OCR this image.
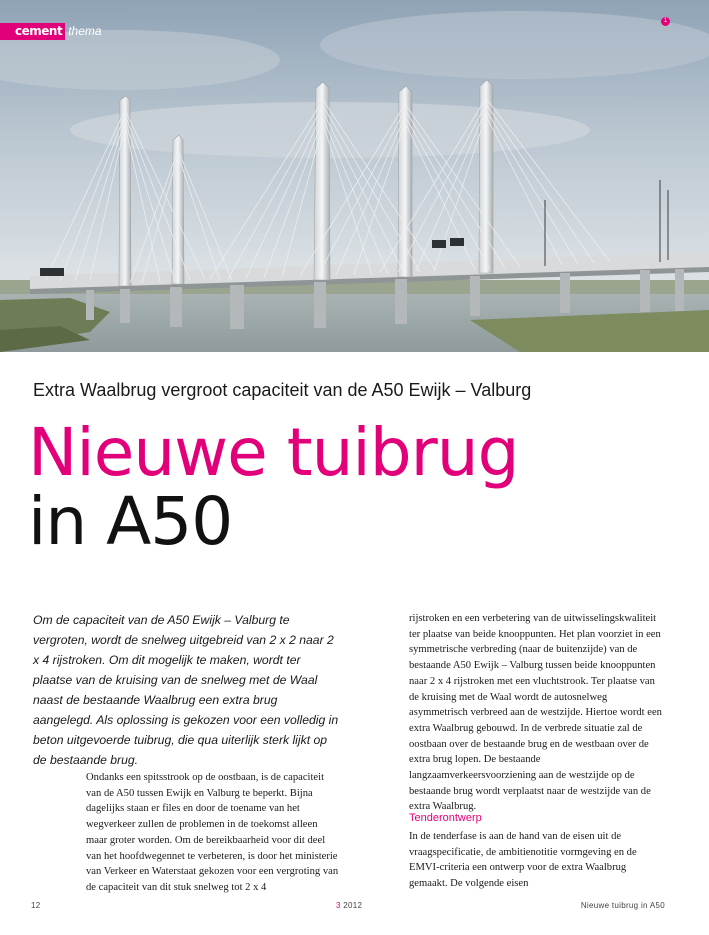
cement thema
1
Extra Waalbrug vergroot capaciteit van de A50 Ewijk – Valburg
Nieuwe tuibrug
in A50
Om de capaciteit van de A50 Ewijk – Valburg te vergroten, wordt de snelweg uitgebreid van 2 x 2 naar 2 x 4 rijstroken. Om dit mogelijk te maken, wordt ter plaatse van de kruising van de snelweg met de Waal naast de bestaande Waalbrug een extra brug aangelegd. Als oplossing is gekozen voor een volledig in beton uitgevoerde tuibrug, die qua uiterlijk sterk lijkt op de bestaande brug.
Ondanks een spitsstrook op de oostbaan, is de capaciteit van de A50 tussen Ewijk en Valburg te beperkt. Bijna dagelijks staan er files en door de toename van het wegverkeer zullen de problemen in de toekomst alleen maar groter worden. Om de bereikbaarheid voor dit deel van het hoofdwegennet te verbeteren, is door het ministerie van Verkeer en Waterstaat gekozen voor een vergroting van de capaciteit van dit stuk snelweg tot 2 x 4
rijstroken en een verbetering van de uitwisselingskwaliteit ter plaatse van beide knooppunten. Het plan voorziet in een symmetrische verbreding (naar de buitenzijde) van de bestaande A50 Ewijk – Valburg tussen beide knooppunten naar 2 x 4 rijstroken met een vluchtstrook. Ter plaatse van de kruising met de Waal wordt de autosnelweg asymmetrisch verbreed aan de westzijde. Hiertoe wordt een extra Waalbrug gebouwd. In de verbrede situatie zal de oostbaan over de bestaande brug en de westbaan over de extra brug lopen. De bestaande langzaamverkeersvoorziening aan de westzijde op de bestaande brug wordt verplaatst naar de westzijde van de extra Waalbrug.
Tenderontwerp
In de tenderfase is aan de hand van de eisen uit de vraagspecificatie, de ambitienotitie vormgeving en de EMVI-criteria een ontwerp voor de extra Waalbrug gemaakt. De volgende eisen
12	3 2012	Nieuwe tuibrug in A50
